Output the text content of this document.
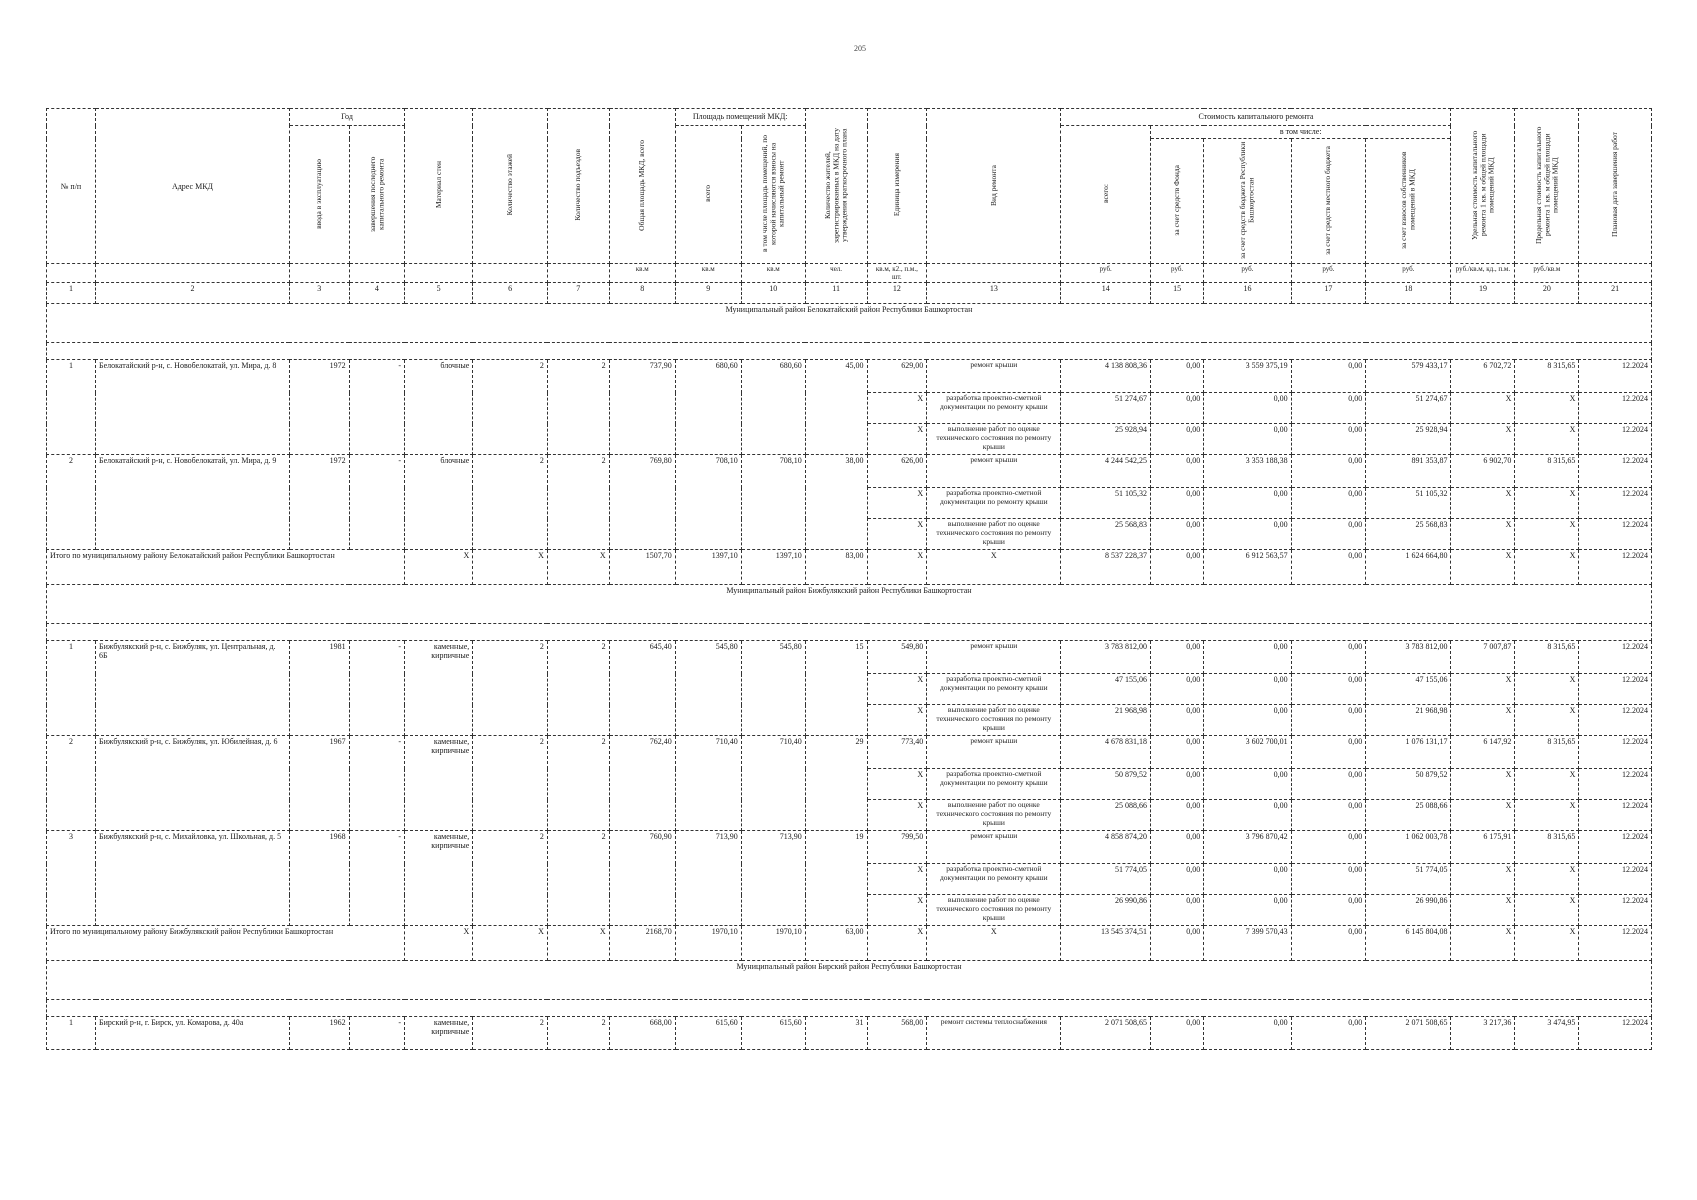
205
№ п/п	Адрес МКД	Год		Материал стен	Количество этажей	Количество подъездов	Общая площадь МКД, всего	Площадь помещений МКД:		Количество жителей, зарегистрированных в МКД на дату утверждения краткосрочного плана	Единица измерения	Вид ремонта	Стоимость капитального ремонта					Удельная стоимость капитального ремонта 1 кв. м общей площади помещений МКД	Предельная стоимость капитального ремонта 1 кв. м общей площади помещений МКД	Плановая дата завершения работ
		ввода в эксплуатацию	завершения последнего капитального ремонта					всего	в том числе площадь помещений, по которой начисляются взносы на капитальный ремонт				всего:	в том числе:						
														за счет средств Фонда	за счет средств бюджета Республики Башкортостан	за счет средств местного бюджета	за счет взносов собственников помещений в МКД			
							кв.м	кв.м	кв.м	чел.	кв.м, к2., п.м., шт.		руб.	руб.	руб.	руб.	руб.	руб./кв.м, кд., п.м.	руб./кв.м	
1	2	3	4	5	6	7	8	9	10	11	12	13	14	15	16	17	18	19	20	21
Муниципальный район Белокатайский район Республики Башкортостан																				

1	Белокатайский р-н, с. Новобелокатай, ул. Мира, д. 8	1972	-	блочные	2	2	737,90	680,60	680,60	45,00	629,00	ремонт крыши	4 138 808,36	0,00	3 559 375,19	0,00	579 433,17	6 702,72	8 315,65	12.2024
											X	разработка проектно-сметной документации по ремонту крыши	51 274,67	0,00	0,00	0,00	51 274,67	X	X	12.2024
											X	выполнение работ по оценке технического состояния по ремонту крыши	25 928,94	0,00	0,00	0,00	25 928,94	X	X	12.2024
2	Белокатайский р-н, с. Новобелокатай, ул. Мира, д. 9	1972	-	блочные	2	2	769,80	708,10	708,10	38,00	626,00	ремонт крыши	4 244 542,25	0,00	3 353 188,38	0,00	891 353,87	6 902,70	8 315,65	12.2024
											X	разработка проектно-сметной документации по ремонту крыши	51 105,32	0,00	0,00	0,00	51 105,32	X	X	12.2024
											X	выполнение работ по оценке технического состояния по ремонту крыши	25 568,83	0,00	0,00	0,00	25 568,83	X	X	12.2024
Итого по муниципальному району Белокатайский район Республики Башкортостан				X	X	X	1507,70	1397,10	1397,10	83,00	X	X	8 537 228,37	0,00	6 912 563,57	0,00	1 624 664,80	X	X	12.2024
Муниципальный район Бижбулякский район Республики Башкортостан																				

1	Бижбулякский р-н, с. Бижбуляк, ул. Центральная, д. 6Б	1981	-	каменные, кирпичные	2	2	645,40	545,80	545,80	15	549,80	ремонт крыши	3 783 812,00	0,00	0,00	0,00	3 783 812,00	7 007,87	8 315,65	12.2024
											X	разработка проектно-сметной документации по ремонту крыши	47 155,06	0,00	0,00	0,00	47 155,06	X	X	12.2024
											X	выполнение работ по оценке технического состояния по ремонту крыши	21 968,98	0,00	0,00	0,00	21 968,98	X	X	12.2024
2	Бижбулякский р-н, с. Бижбуляк, ул. Юбилейная, д. 6	1967	-	каменные, кирпичные	2	2	762,40	710,40	710,40	29	773,40	ремонт крыши	4 678 831,18	0,00	3 602 700,01	0,00	1 076 131,17	6 147,92	8 315,65	12.2024
											X	разработка проектно-сметной документации по ремонту крыши	50 879,52	0,00	0,00	0,00	50 879,52	X	X	12.2024
											X	выполнение работ по оценке технического состояния по ремонту крыши	25 088,66	0,00	0,00	0,00	25 088,66	X	X	12.2024
3	Бижбулякский р-н, с. Михайловка, ул. Школьная, д. 5	1968	-	каменные, кирпичные	2	2	760,90	713,90	713,90	19	799,50	ремонт крыши	4 858 874,20	0,00	3 796 870,42	0,00	1 062 003,78	6 175,91	8 315,65	12.2024
											X	разработка проектно-сметной документации по ремонту крыши	51 774,05	0,00	0,00	0,00	51 774,05	X	X	12.2024
											X	выполнение работ по оценке технического состояния по ремонту крыши	26 990,86	0,00	0,00	0,00	26 990,86	X	X	12.2024
Итого по муниципальному району Бижбулякский район Республики Башкортостан				X	X	X	2168,70	1970,10	1970,10	63,00	X	X	13 545 374,51	0,00	7 399 570,43	0,00	6 145 804,08	X	X	12.2024
Муниципальный район Бирский район Республики Башкортостан																				

1	Бирский р-н, г. Бирск, ул. Комарова, д. 40а	1962	-	каменные, кирпичные	2	2	668,00	615,60	615,60	31	568,00	ремонт системы теплоснабжения	2 071 508,65	0,00	0,00	0,00	2 071 508,65	3 217,36	3 474,95	12.2024
